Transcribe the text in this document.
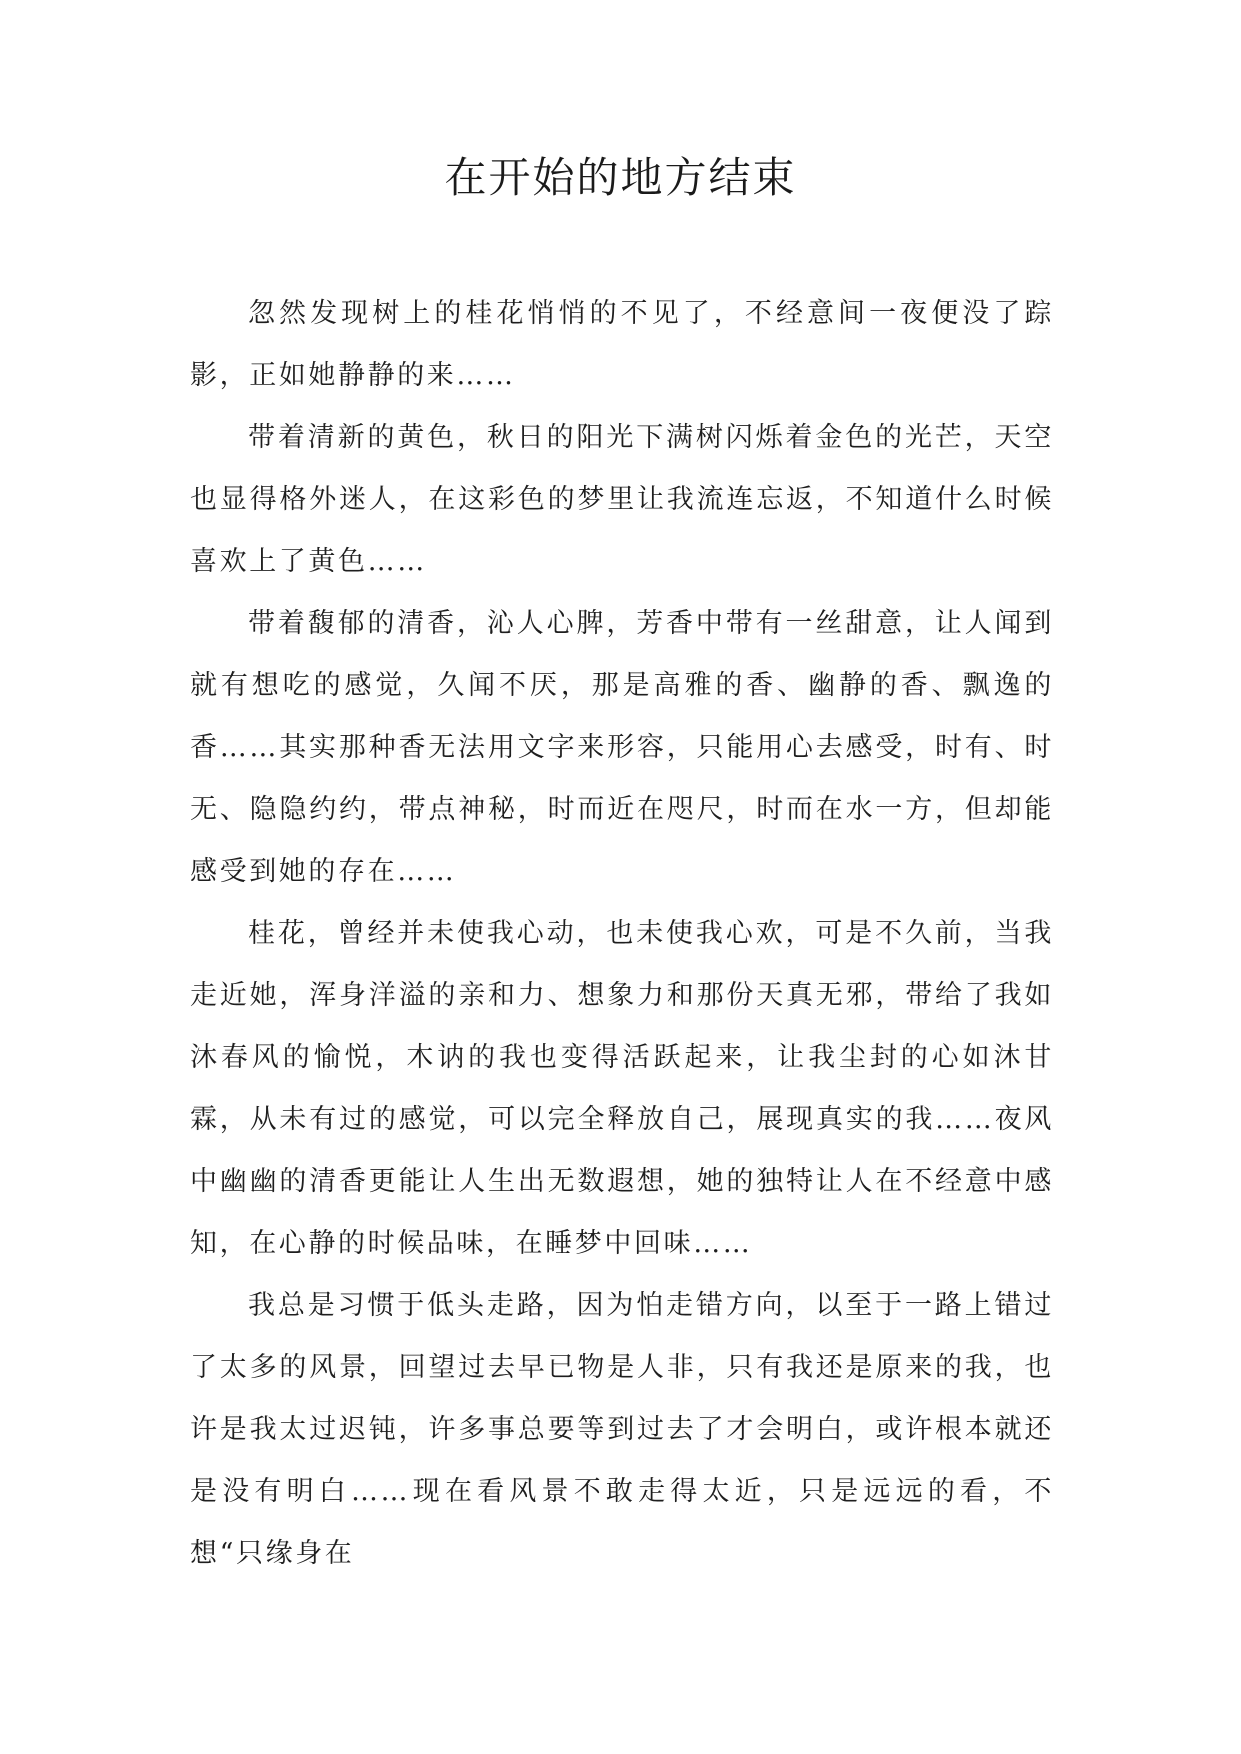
在开始的地方结束

忽然发现树上的桂花悄悄的不见了，不经意间一夜便没了踪影，正如她静静的来……

带着清新的黄色，秋日的阳光下满树闪烁着金色的光芒，天空也显得格外迷人，在这彩色的梦里让我流连忘返，不知道什么时候喜欢上了黄色……

带着馥郁的清香，沁人心脾，芳香中带有一丝甜意，让人闻到就有想吃的感觉，久闻不厌，那是高雅的香、幽静的香、飘逸的香……其实那种香无法用文字来形容，只能用心去感受，时有、时无、隐隐约约，带点神秘，时而近在咫尺，时而在水一方，但却能感受到她的存在……

桂花，曾经并未使我心动，也未使我心欢，可是不久前，当我走近她，浑身洋溢的亲和力、想象力和那份天真无邪，带给了我如沐春风的愉悦，木讷的我也变得活跃起来，让我尘封的心如沐甘霖，从未有过的感觉，可以完全释放自己，展现真实的我……夜风中幽幽的清香更能让人生出无数遐想，她的独特让人在不经意中感知，在心静的时候品味，在睡梦中回味……

我总是习惯于低头走路，因为怕走错方向，以至于一路上错过了太多的风景，回望过去早已物是人非，只有我还是原来的我，也许是我太过迟钝，许多事总要等到过去了才会明白，或许根本就还是没有明白……现在看风景不敢走得太近，只是远远的看，不想“只缘身在
